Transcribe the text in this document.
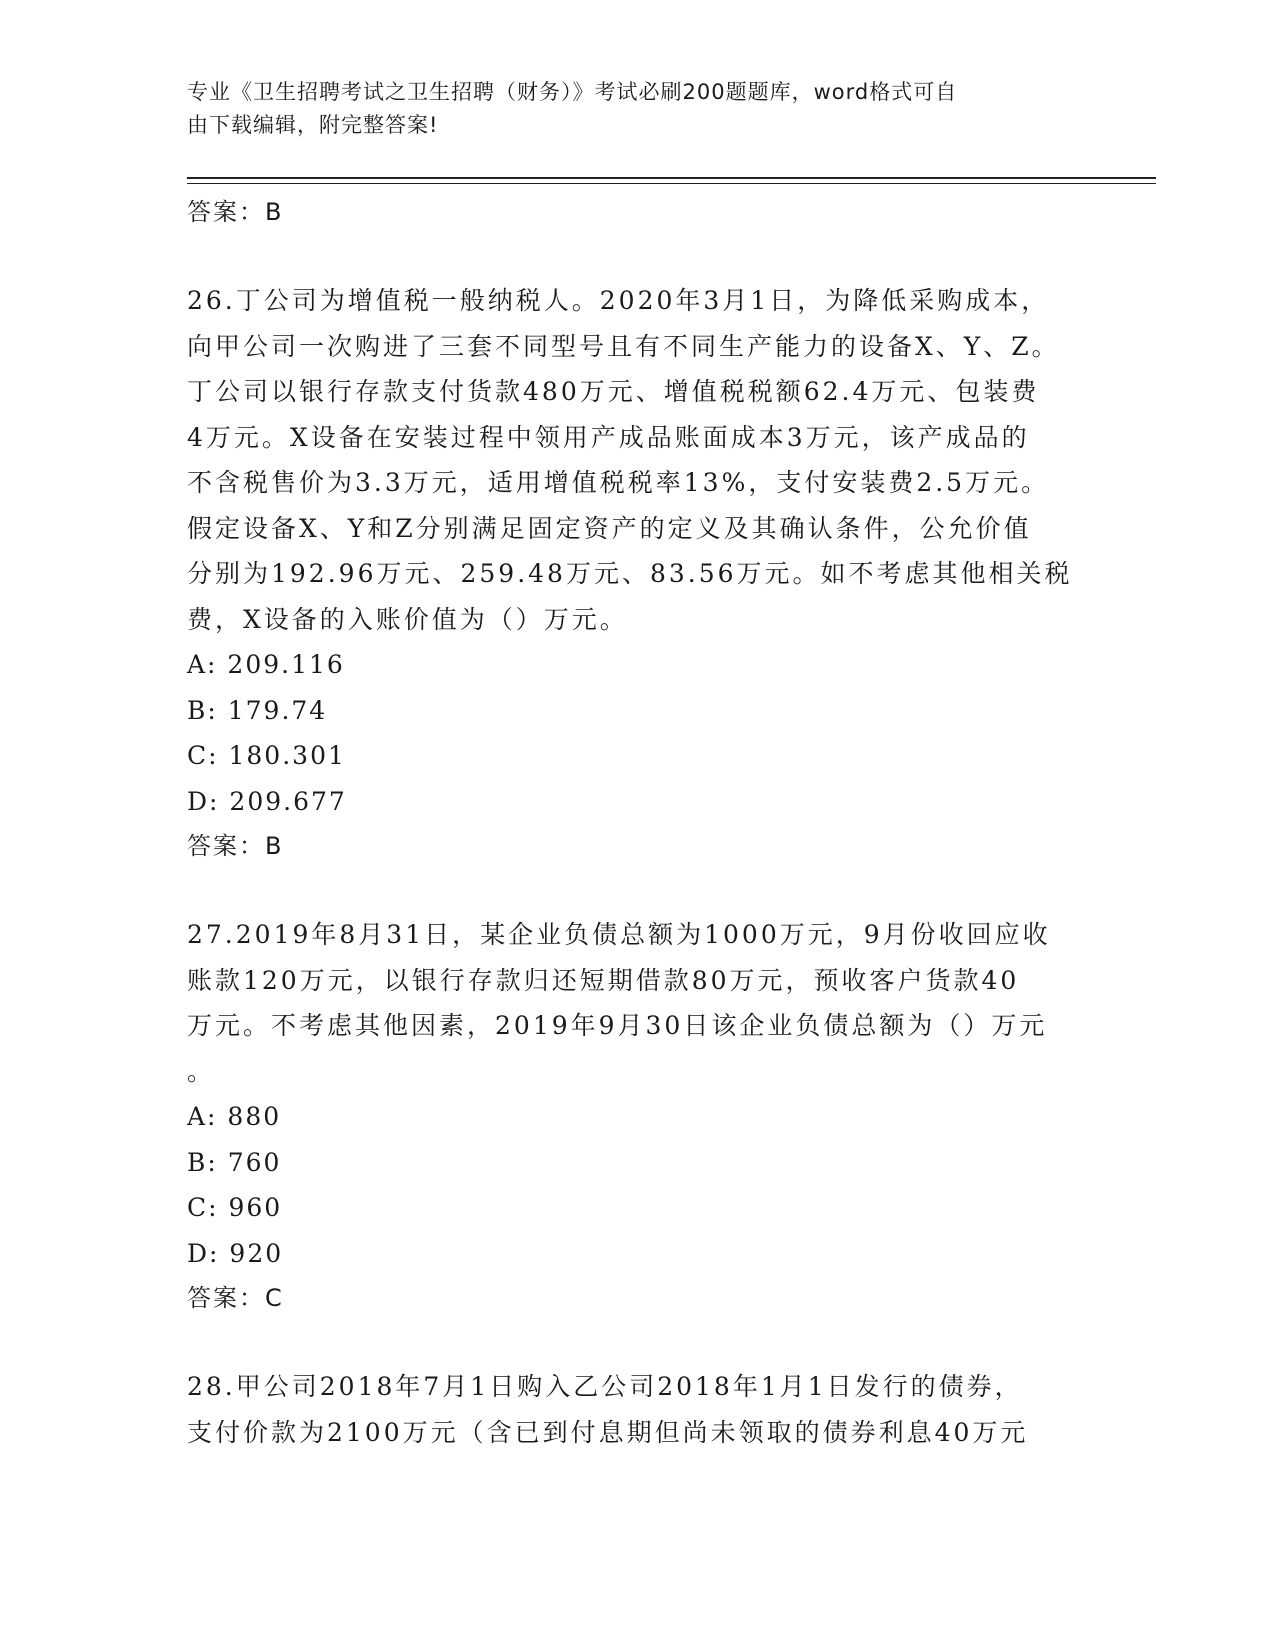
专业《卫生招聘考试之卫生招聘（财务）》考试必刷200题题库，word格式可自
由下载编辑，附完整答案!
答案：B
26.丁公司为增值税一般纳税人。2020年3月1日，为降低采购成本，
向甲公司一次购进了三套不同型号且有不同生产能力的设备X、Y、Z。
丁公司以银行存款支付货款480万元、增值税税额62.4万元、包装费
4万元。X设备在安装过程中领用产成品账面成本3万元，该产成品的
不含税售价为3.3万元，适用增值税税率13%，支付安装费2.5万元。
假定设备X、Y和Z分别满足固定资产的定义及其确认条件，公允价值
分别为192.96万元、259.48万元、83.56万元。如不考虑其他相关税
费，X设备的入账价值为（）万元。
A: 209.116
B: 179.74
C: 180.301
D: 209.677
答案：B
27.2019年8月31日，某企业负债总额为1000万元，9月份收回应收
账款120万元，以银行存款归还短期借款80万元，预收客户货款40
万元。不考虑其他因素，2019年9月30日该企业负债总额为（）万元
。
A: 880
B: 760
C: 960
D: 920
答案：C
28.甲公司2018年7月1日购入乙公司2018年1月1日发行的债券，
支付价款为2100万元（含已到付息期但尚未领取的债券利息40万元
